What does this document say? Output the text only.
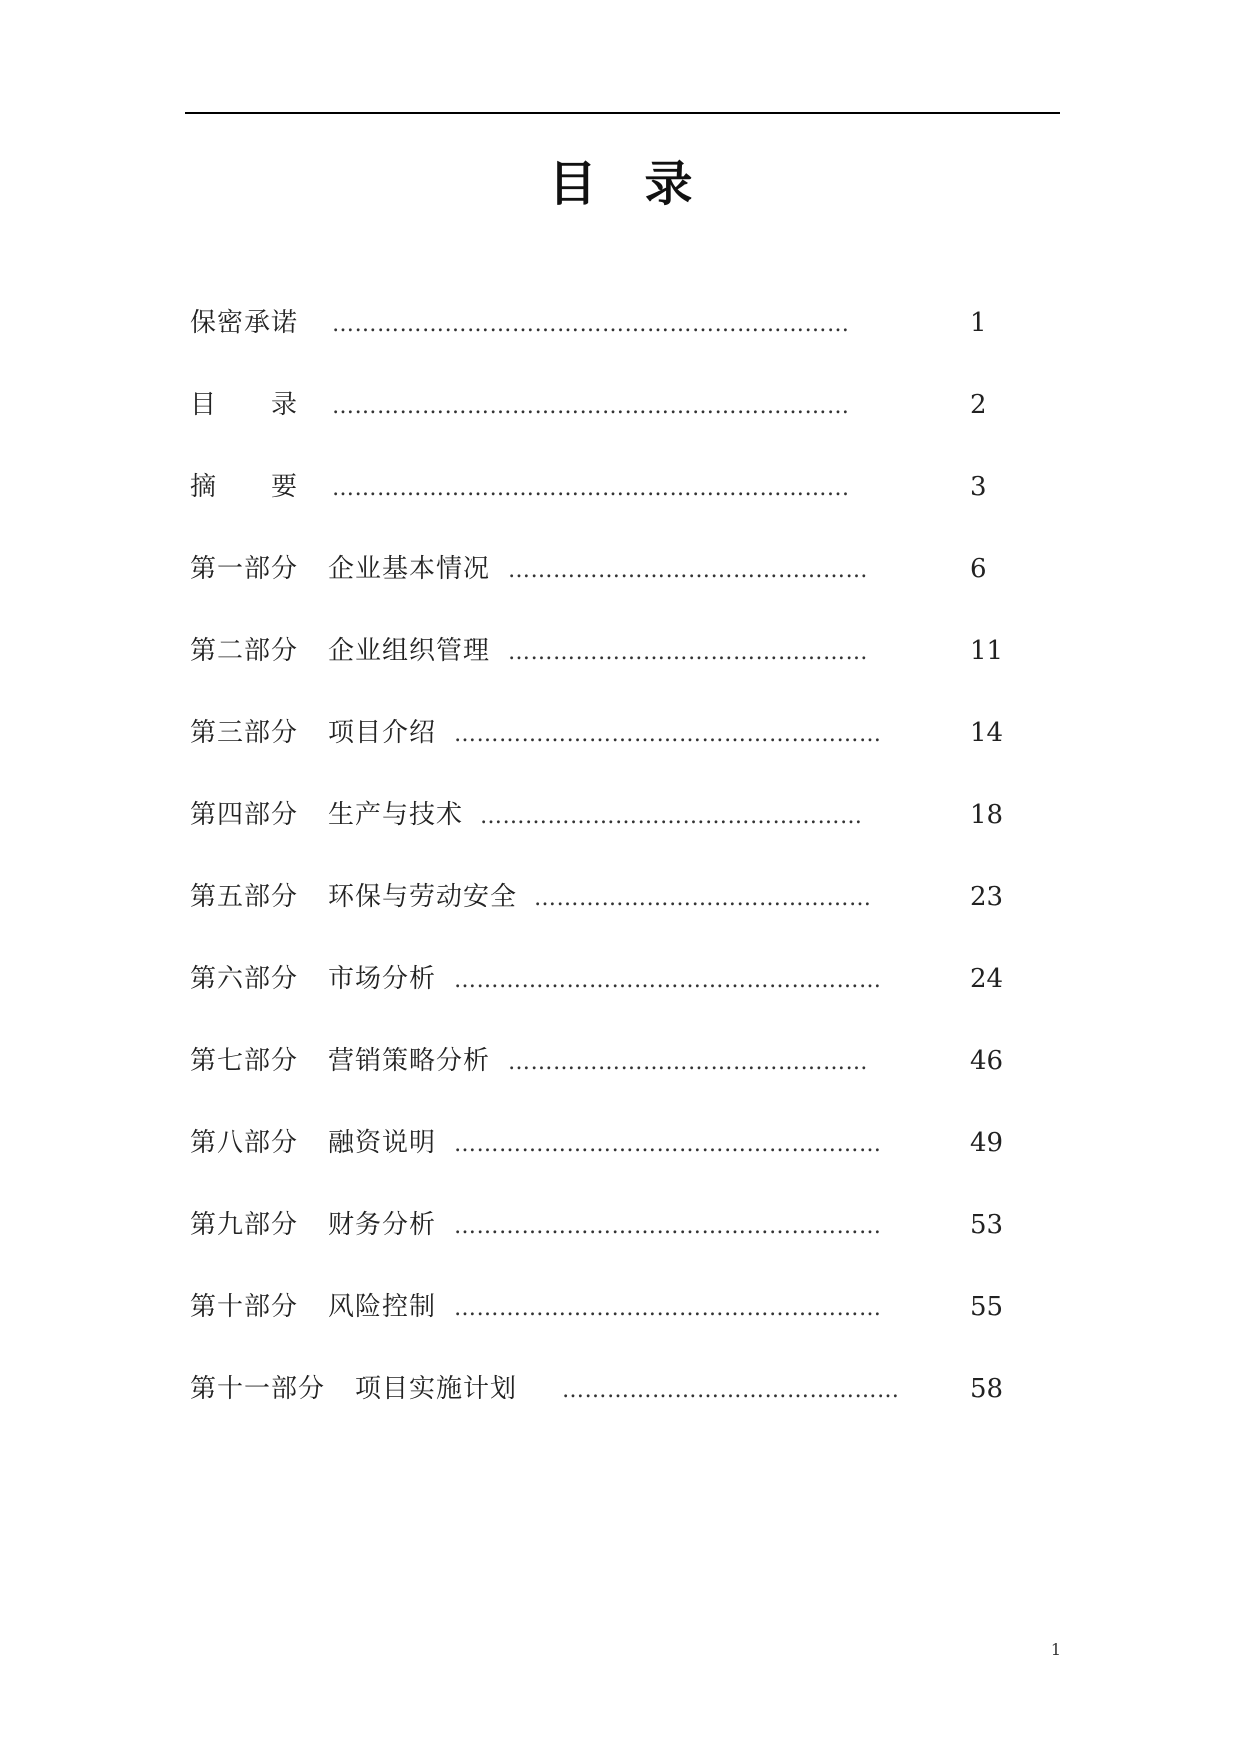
目　录
保密承诺 ……………………………………………………………	1
目　　录 ……………………………………………………………	2
摘　　要 …………………………………………………………...	3
第一部分 企业基本情况 …………………………………………	6
第二部分 企业组织管理 …………………………………………	11
第三部分 项目介绍 …………………………………………………	14
第四部分 生产与技术 ……………………………………………	18
第五部分 环保与劳动安全 ………………………………………	23
第六部分 市场分析 …………………………………………………	24
第七部分 营销策略分析 …………………………………………	46
第八部分 融资说明 …………………………………………………	49
第九部分 财务分析 …………………………………………………	53
第十部分 风险控制 …………………………………………………	55
第十一部分 项目实施计划 ………………………………………	58
1
